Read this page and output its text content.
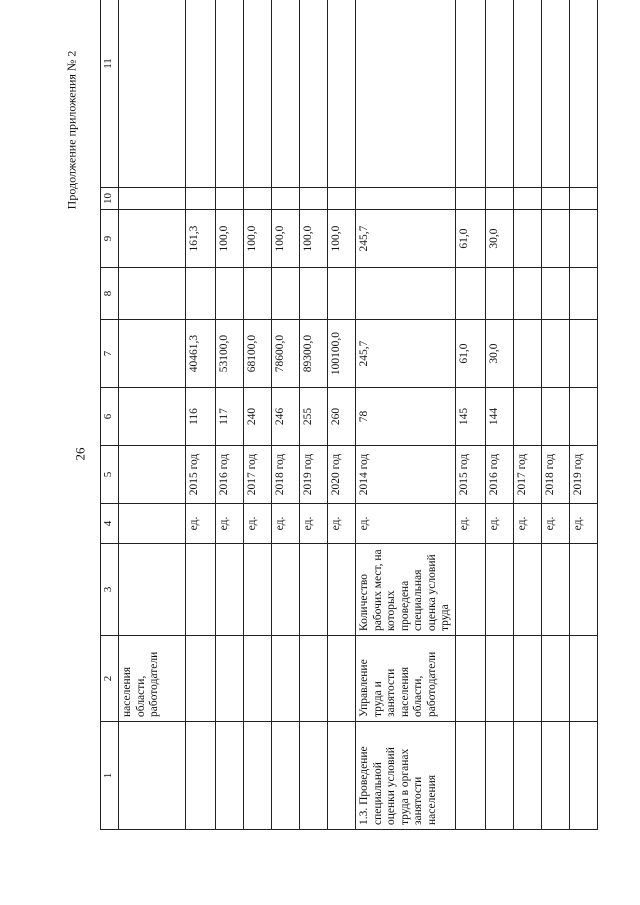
26
Продолжение приложения № 2
1	2	3	4	5	6	7	8	9	10	11
	населения области, работодатели									
			ед.	2015 год	116	40461,3		161,3		
			ед.	2016 год	117	53100,0		100,0		
			ед.	2017 год	240	68100,0		100,0		
			ед.	2018 год	246	78600,0		100,0		
			ед.	2019 год	255	89300,0		100,0		
			ед.	2020 год	260	100100,0		100,0		
1.3. Проведение специальной оценки условий труда в органах занятости населения	Управление труда и занятости населения области, работодатели	Количество рабочих мест, на которых проведена специальная оценка условий труда	ед.	2014 год	78	245,7		245,7		
			ед.	2015 год	145	61,0		61,0		
			ед.	2016 год	144	30,0		30,0		
			ед.	2017 год						
			ед.	2018 год						
			ед.	2019 год						
